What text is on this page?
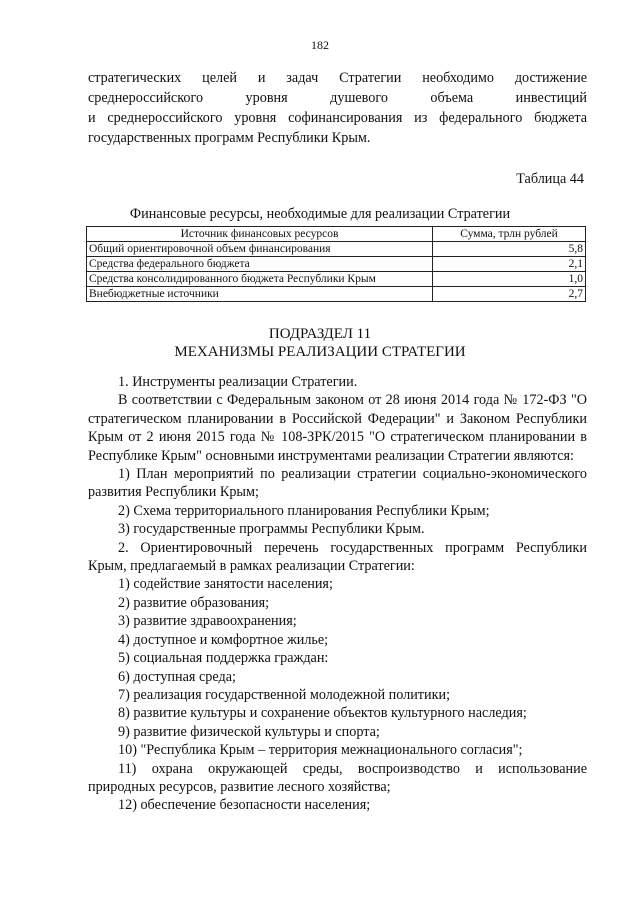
182
стратегических целей и задач Стратегии необходимо достижение
среднероссийского уровня душевого объема инвестиций
и среднероссийского уровня софинансирования из федерального бюджета
государственных программ Республики Крым.
Таблица 44
Финансовые ресурсы, необходимые для реализации Стратегии
Источник финансовых ресурсов	Сумма, трлн рублей
Общий ориентировочной объем финансирования	5,8
Средства федерального бюджета	2,1
Средства консолидированного бюджета Республики Крым	1,0
Внебюджетные источники	2,7
ПОДРАЗДЕЛ 11
МЕХАНИЗМЫ РЕАЛИЗАЦИИ СТРАТЕГИИ
1. Инструменты реализации Стратегии.
В соответствии с Федеральным законом от 28 июня 2014 года № 172-ФЗ "О стратегическом планировании в Российской Федерации" и Законом Республики Крым от 2 июня 2015 года № 108-ЗРК/2015 "О стратегическом планировании в Республике Крым" основными инструментами реализации Стратегии являются:
1) План мероприятий по реализации стратегии социально-экономического развития Республики Крым;
2) Схема территориального планирования Республики Крым;
3) государственные программы Республики Крым.
2. Ориентировочный перечень государственных программ Республики Крым, предлагаемый в рамках реализации Стратегии:
1) содействие занятости населения;
2) развитие образования;
3) развитие здравоохранения;
4) доступное и комфортное жилье;
5) социальная поддержка граждан:
6) доступная среда;
7) реализация государственной молодежной политики;
8) развитие культуры и сохранение объектов культурного наследия;
9) развитие физической культуры и спорта;
10) "Республика Крым – территория межнационального согласия";
11) охрана окружающей среды, воспроизводство и использование природных ресурсов, развитие лесного хозяйства;
12) обеспечение безопасности населения;
